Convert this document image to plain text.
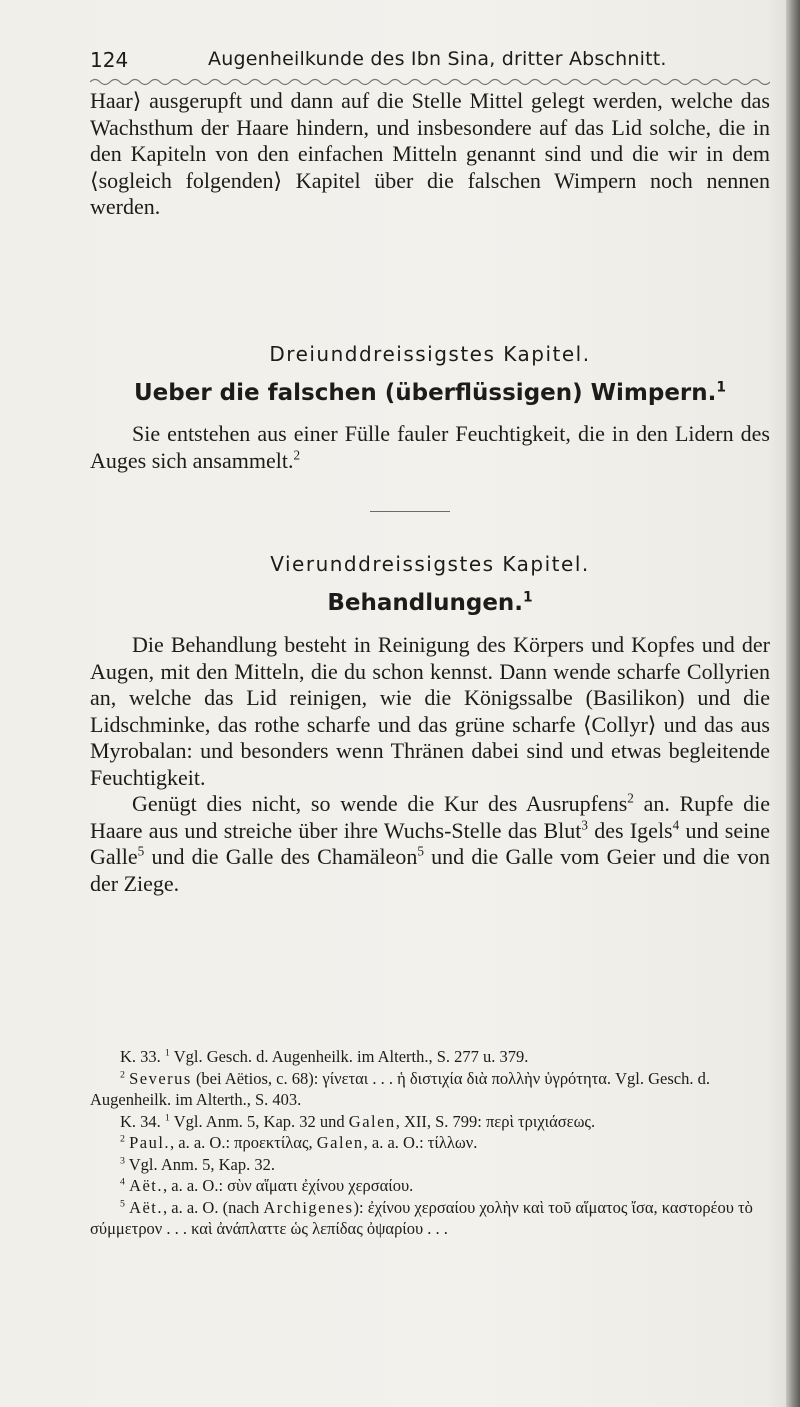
124	Augenheilkunde des Ibn Sina, dritter Abschnitt.

Haar⟩ ausgerupft und dann auf die Stelle Mittel gelegt werden, welche das Wachsthum der Haare hindern, und insbesondere auf das Lid solche, die in den Kapiteln von den einfachen Mitteln genannt sind und die wir in dem ⟨sogleich folgenden⟩ Kapitel über die falschen Wimpern noch nennen werden.

Dreiunddreissigstes Kapitel.
Ueber die falschen (überflüssigen) Wimpern.$^1$

Sie entstehen aus einer Fülle fauler Feuchtigkeit, die in den Lidern des Auges sich ansammelt.$^2$

Vierunddreissigstes Kapitel.
Behandlungen.$^1$

Die Behandlung besteht in Reinigung des Körpers und Kopfes und der Augen, mit den Mitteln, die du schon kennst. Dann wende scharfe Collyrien an, welche das Lid reinigen, wie die Königssalbe (Basilikon) und die Lidschminke, das rothe scharfe und das grüne scharfe ⟨Collyr⟩ und das aus Myrobalan: und besonders wenn Thränen dabei sind und etwas begleitende Feuchtigkeit.

Genügt dies nicht, so wende die Kur des Ausrupfens$^2$ an. Rupfe die Haare aus und streiche über ihre Wuchs-Stelle das Blut$^3$ des Igels$^4$ und seine Galle$^5$ und die Galle des Chamäleon$^5$ und die Galle vom Geier und die von der Ziege.

K. 33. $^1$ Vgl. Gesch. d. Augenheilk. im Alterth., S. 277 u. 379.

$^2$ Severus (bei Aëtios, c. 68): γίνεται . . . ἡ διστιχία διὰ πολλὴν ὑγρότητα. Vgl. Gesch. d. Augenheilk. im Alterth., S. 403.

K. 34. $^1$ Vgl. Anm. 5, Kap. 32 und Galen, XII, S. 799: περὶ τριχιάσεως.

$^2$ Paul., a. a. O.: προεκτίλας, Galen, a. a. O.: τίλλων.

$^3$ Vgl. Anm. 5, Kap. 32.

$^4$ Aët., a. a. O.: σὺν αἵματι ἐχίνου χερσαίου.

$^5$ Aët., a. a. O. (nach Archigenes): ἐχίνου χερσαίου χολὴν καὶ τοῦ αἵματος ἴσα, καστορέου τὸ σύμμετρον . . . καὶ ἀνάπλαττε ὡς λεπίδας ὀψαρίου . . .
